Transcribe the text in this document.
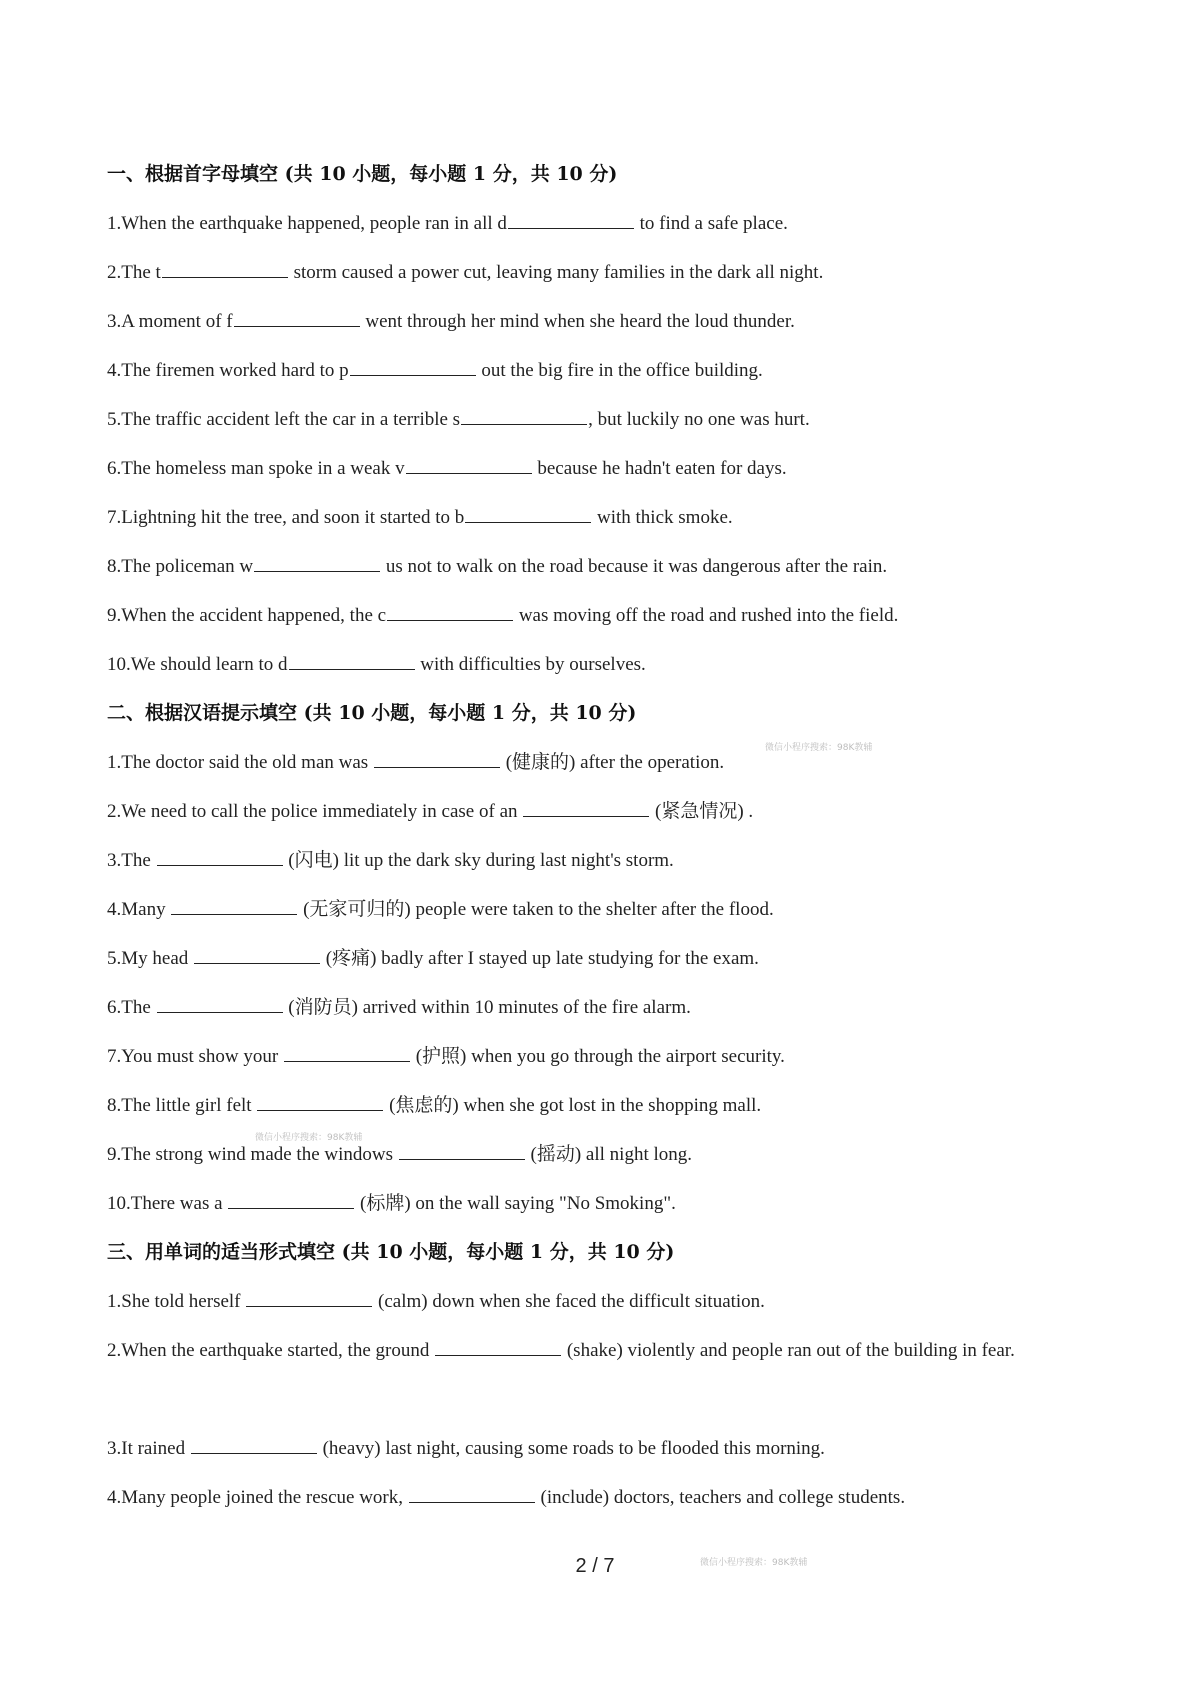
一、根据首字母填空 (共 10 小题，每小题 1 分，共 10 分)
1.When the earthquake happened, people ran in all d	to find a safe place.
2.The t	storm caused a power cut, leaving many families in the dark all night.
3.A moment of f	went through her mind when she heard the loud thunder.
4.The firemen worked hard to p	out the big fire in the office building.
5.The traffic accident left the car in a terrible s	, but luckily no one was hurt.
6.The homeless man spoke in a weak v	because he hadn't eaten for days.
7.Lightning hit the tree, and soon it started to b	with thick smoke.
8.The policeman w	us not to walk on the road because it was dangerous after the rain.
9.When the accident happened, the c	was moving off the road and rushed into the field.
10.We should learn to d	with difficulties by ourselves.
二、根据汉语提示填空 (共 10 小题，每小题 1 分，共 10 分)
1.The doctor said the old man was	(健康的) after the operation.
2.We need to call the police immediately in case of an	(紧急情况) .
3.The	(闪电) lit up the dark sky during last night's storm.
4.Many	(无家可归的) people were taken to the shelter after the flood.
5.My head	(疼痛) badly after I stayed up late studying for the exam.
6.The	(消防员) arrived within 10 minutes of the fire alarm.
7.You must show your	(护照) when you go through the airport security.
8.The little girl felt	(焦虑的) when she got lost in the shopping mall.
9.The strong wind made the windows	(摇动) all night long.
10.There was a	(标牌) on the wall saying "No Smoking".
三、用单词的适当形式填空 (共 10 小题，每小题 1 分，共 10 分)
1.She told herself	(calm) down when she faced the difficult situation.
2.When the earthquake started, the ground	(shake) violently and people ran out of the building in fear.
3.It rained	(heavy) last night, causing some roads to be flooded this morning.
4.Many people joined the rescue work,	(include) doctors, teachers and college students.
微信小程序搜索：98K教辅
微信小程序搜索：98K教辅
微信小程序搜索：98K教辅
2 / 7
